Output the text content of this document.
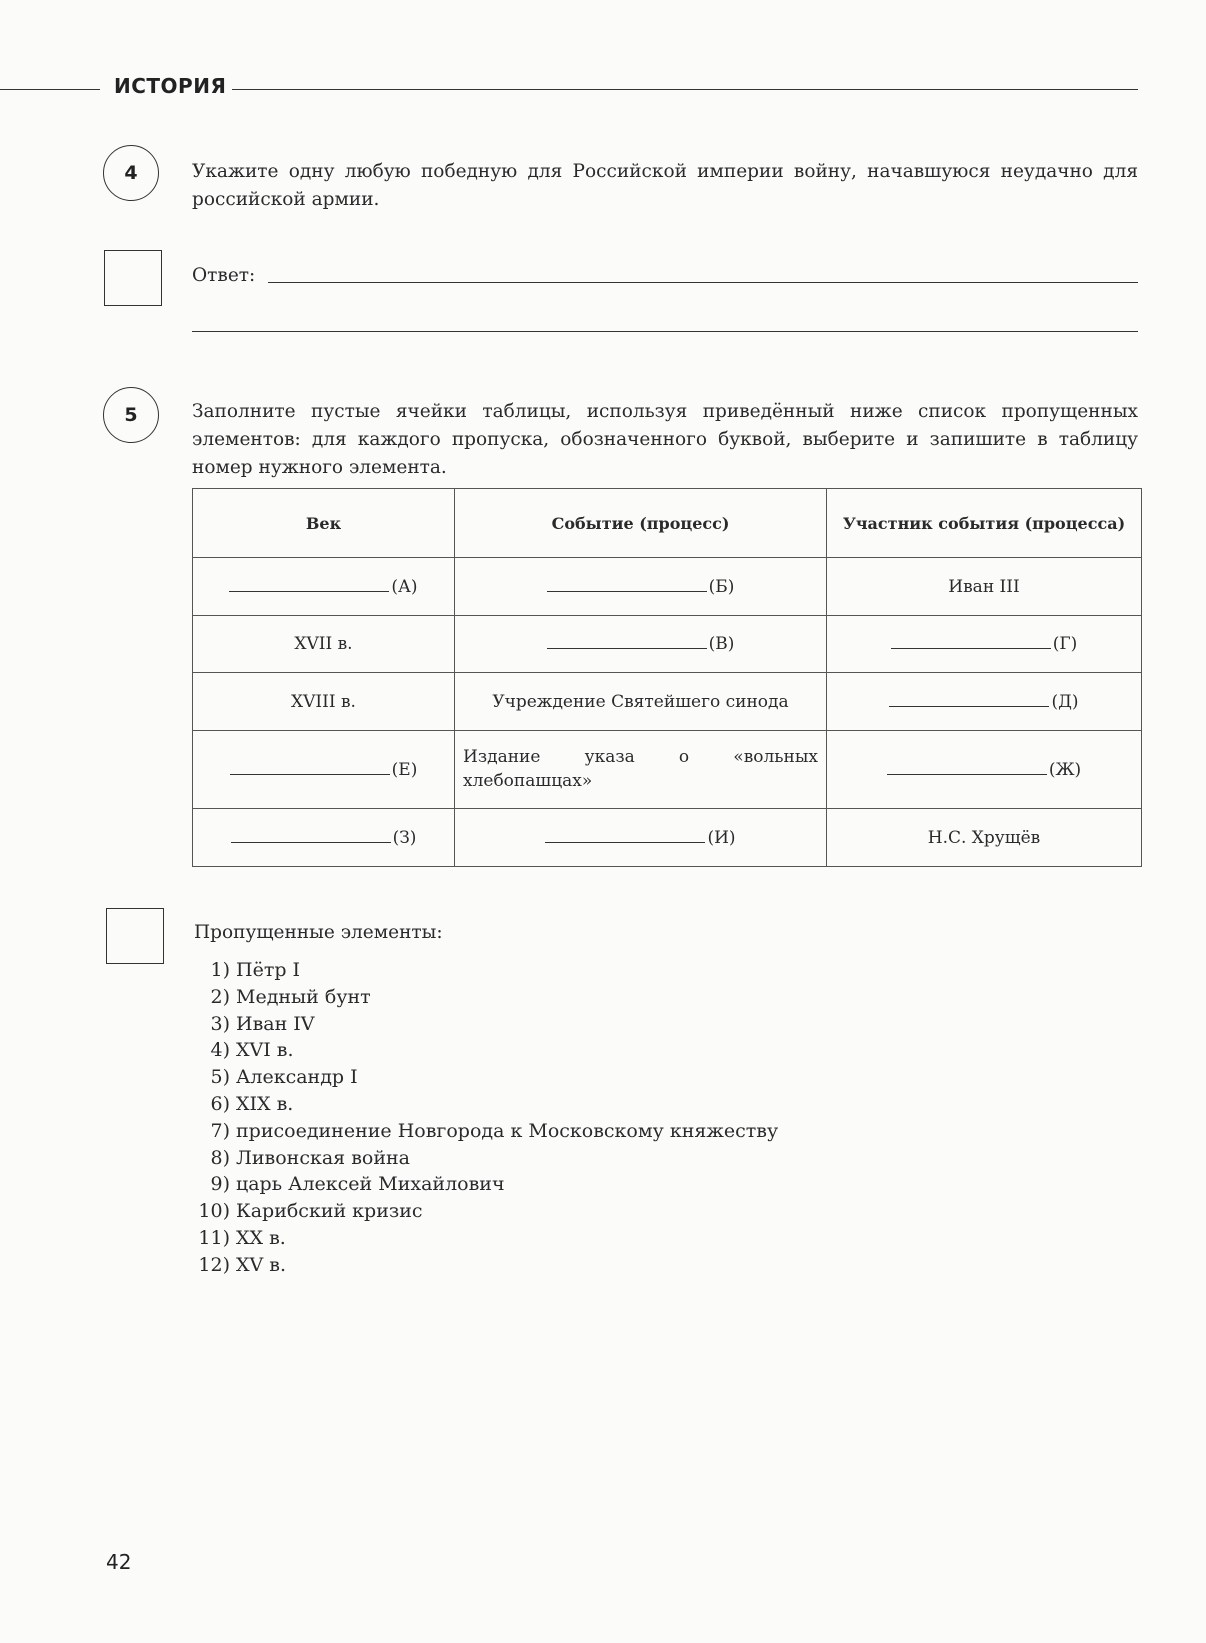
ИСТОРИЯ
4	Укажите одну любую победную для Российской империи войну, начавшуюся неудачно для российской армии.
Ответ:
5	Заполните пустые ячейки таблицы, используя приведённый ниже список пропущенных элементов: для каждого пропуска, обозначенного буквой, выберите и запишите в таблицу номер нужного элемента.
Век	Событие (процесс)	Участник события (процесса)
(А)	(Б)	Иван III
XVII в.	(В)	(Г)
XVIII в.	Учреждение Святейшего синода	(Д)
(Е)	Издание указа о «вольных хлебопашцах»	(Ж)
(З)	(И)	Н.С. Хрущёв
Пропущенные элементы:
1) Пётр I
2) Медный бунт
3) Иван IV
4) XVI в.
5) Александр I
6) XIX в.
7) присоединение Новгорода к Московскому княжеству
8) Ливонская война
9) царь Алексей Михайлович
10) Карибский кризис
11) XX в.
12) XV в.
42
